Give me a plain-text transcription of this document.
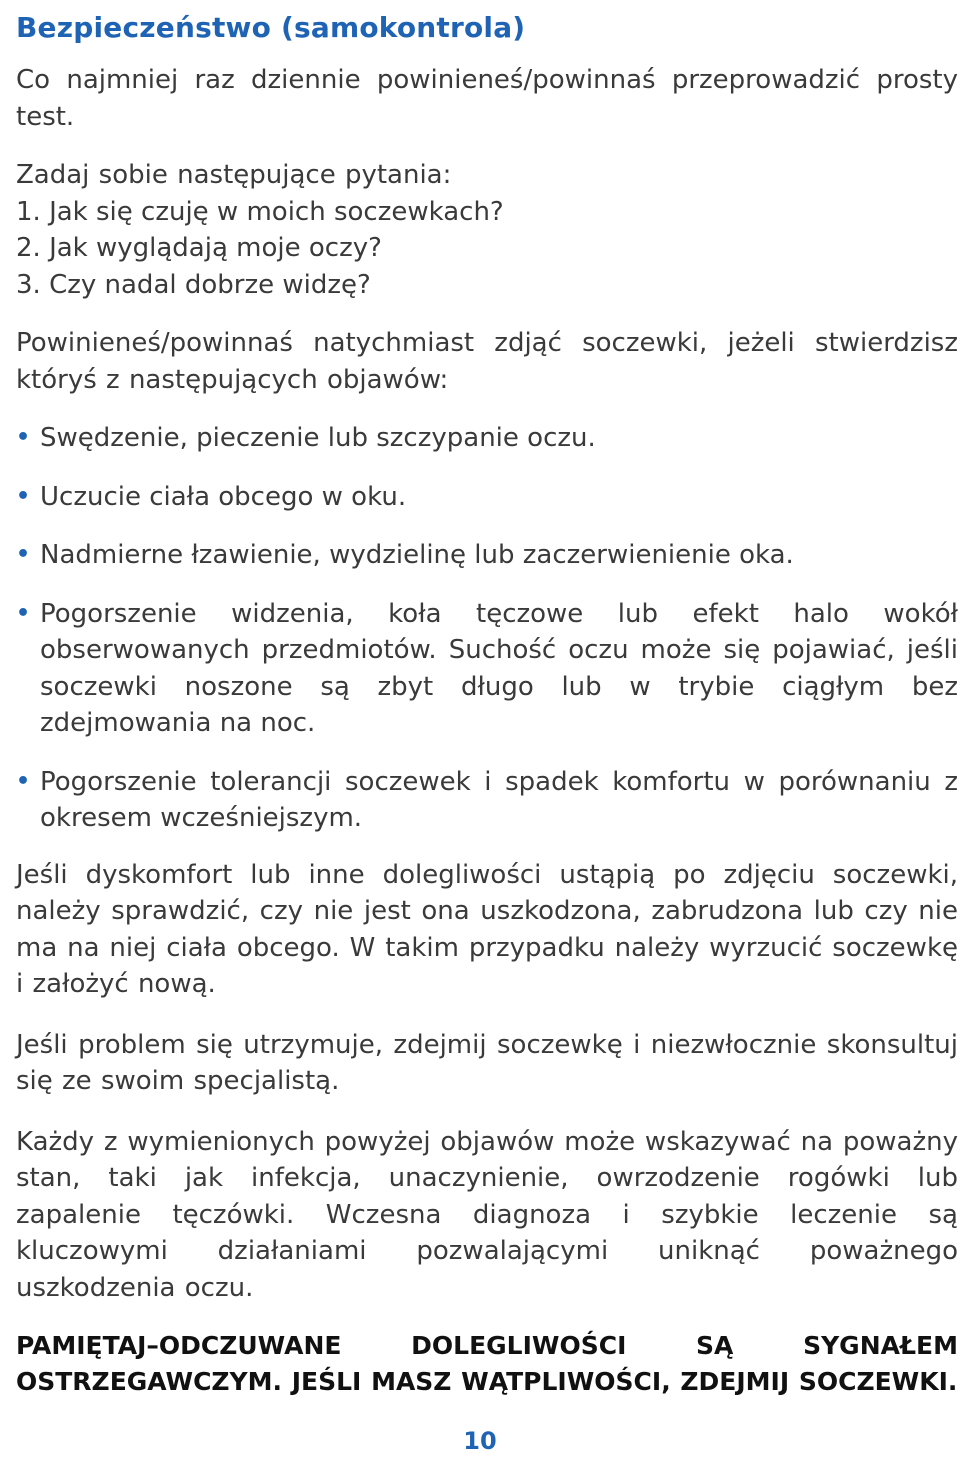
Bezpieczeństwo (samokontrola)

Co najmniej raz dziennie powinieneś/powinnaś przeprowadzić prosty test.

Zadaj sobie następujące pytania:

1. Jak się czuję w moich soczewkach?
2. Jak wyglądają moje oczy?
3. Czy nadal dobrze widzę?

Powinieneś/powinnaś natychmiast zdjąć soczewki, jeżeli stwierdzisz któryś z następujących objawów:

• Swędzenie, pieczenie lub szczypanie oczu.
• Uczucie ciała obcego w oku.
• Nadmierne łzawienie, wydzielinę lub zaczerwienienie oka.
• Pogorszenie widzenia, koła tęczowe lub efekt halo wokół obserwowanych przedmiotów. Suchość oczu może się pojawiać, jeśli soczewki noszone są zbyt długo lub w trybie ciągłym bez zdejmowania na noc.
• Pogorszenie tolerancji soczewek i spadek komfortu w porównaniu z okresem wcześniejszym.

Jeśli dyskomfort lub inne dolegliwości ustąpią po zdjęciu soczewki, należy sprawdzić, czy nie jest ona uszkodzona, zabrudzona lub czy nie ma na niej ciała obcego. W takim przypadku należy wyrzucić soczewkę i założyć nową.

Jeśli problem się utrzymuje, zdejmij soczewkę i niezwłocznie skonsultuj się ze swoim specjalistą.

Każdy z wymienionych powyżej objawów może wskazywać na poważny stan, taki jak infekcja, unaczynienie, owrzodzenie rogówki lub zapalenie tęczówki. Wczesna diagnoza i szybkie leczenie są kluczowymi działaniami pozwalającymi uniknąć poważnego uszkodzenia oczu.

PAMIĘTAJ–ODCZUWANE DOLEGLIWOŚCI SĄ SYGNAŁEM OSTRZEGAWCZYM. JEŚLI MASZ WĄTPLIWOŚCI, ZDEJMIJ SOCZEWKI.

10
